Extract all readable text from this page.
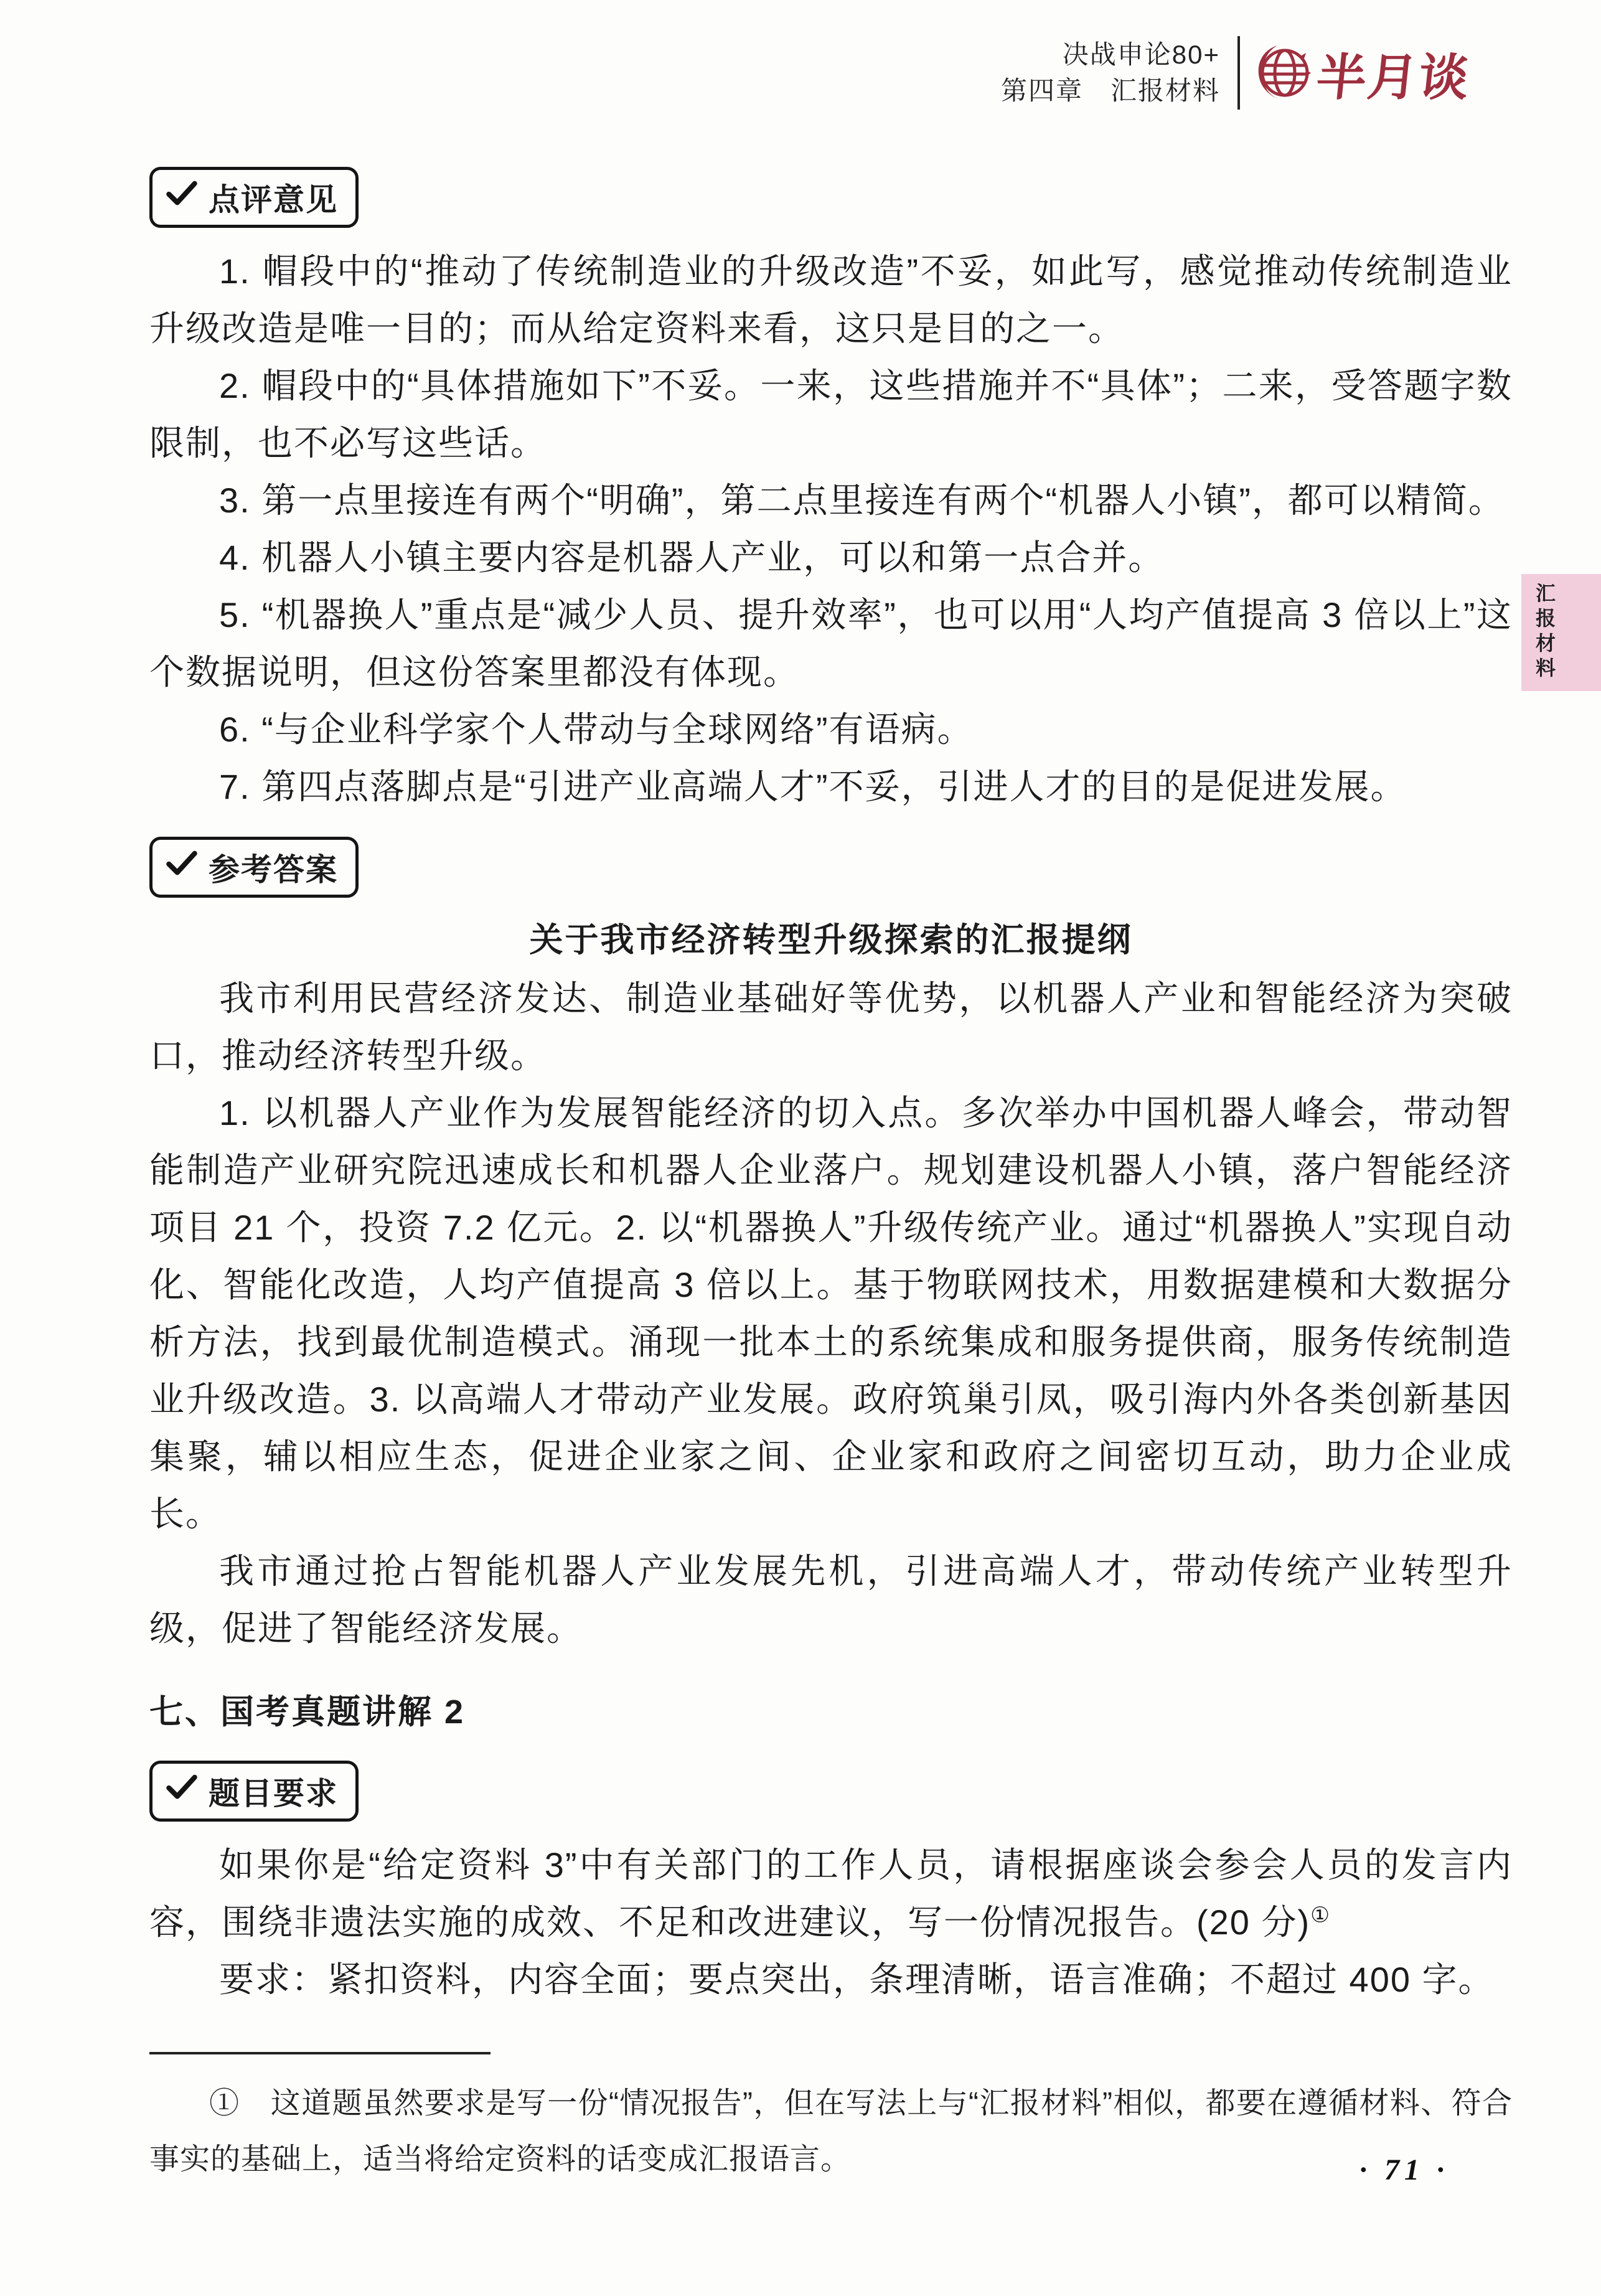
决战申论80+
第四章　汇报材料 半月谈
汇报材料
点评意见

1. 帽段中的“推动了传统制造业的升级改造”不妥，如此写，感觉推动传统制造业升级改造是唯一目的；而从给定资料来看，这只是目的之一。

2. 帽段中的“具体措施如下”不妥。一来，这些措施并不“具体”；二来，受答题字数限制，也不必写这些话。

3. 第一点里接连有两个“明确”，第二点里接连有两个“机器人小镇”，都可以精简。

4. 机器人小镇主要内容是机器人产业，可以和第一点合并。

5. “机器换人”重点是“减少人员、提升效率”，也可以用“人均产值提高 3 倍以上”这个数据说明，但这份答案里都没有体现。

6. “与企业科学家个人带动与全球网络”有语病。

7. 第四点落脚点是“引进产业高端人才”不妥，引进人才的目的是促进发展。

参考答案
关于我市经济转型升级探索的汇报提纲

我市利用民营经济发达、制造业基础好等优势，以机器人产业和智能经济为突破口，推动经济转型升级。

1. 以机器人产业作为发展智能经济的切入点。多次举办中国机器人峰会，带动智能制造产业研究院迅速成长和机器人企业落户。规划建设机器人小镇，落户智能经济项目 21 个，投资 7.2 亿元。2. 以“机器换人”升级传统产业。通过“机器换人”实现自动化、智能化改造，人均产值提高 3 倍以上。基于物联网技术，用数据建模和大数据分析方法，找到最优制造模式。涌现一批本土的系统集成和服务提供商，服务传统制造业升级改造。3. 以高端人才带动产业发展。政府筑巢引凤，吸引海内外各类创新基因集聚，辅以相应生态，促进企业家之间、企业家和政府之间密切互动，助力企业成长。

我市通过抢占智能机器人产业发展先机，引进高端人才，带动传统产业转型升级，促进了智能经济发展。

七、国考真题讲解 2
题目要求

如果你是“给定资料 3”中有关部门的工作人员，请根据座谈会参会人员的发言内容，围绕非遗法实施的成效、不足和改进建议，写一份情况报告。(20 分)①

要求：紧扣资料，内容全面；要点突出，条理清晰，语言准确；不超过 400 字。

①　这道题虽然要求是写一份“情况报告”，但在写法上与“汇报材料”相似，都要在遵循材料、符合事实的基础上，适当将给定资料的话变成汇报语言。	· 71 ·
